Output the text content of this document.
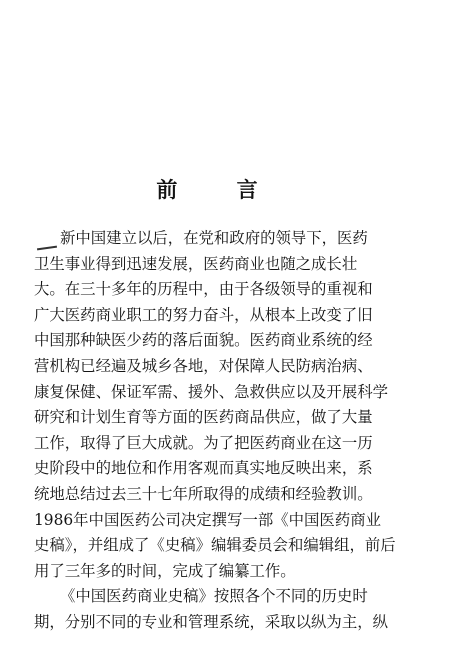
前 言
新中国建立以后，在党和政府的领导下，医药
卫生事业得到迅速发展，医药商业也随之成长壮
大。在三十多年的历程中，由于各级领导的重视和
广大医药商业职工的努力奋斗，从根本上改变了旧
中国那种缺医少药的落后面貌。医药商业系统的经
营机构已经遍及城乡各地，对保障人民防病治病、
康复保健、保证军需、援外、急救供应以及开展科学
研究和计划生育等方面的医药商品供应，做了大量
工作，取得了巨大成就。为了把医药商业在这一历
史阶段中的地位和作用客观而真实地反映出来，系
统地总结过去三十七年所取得的成绩和经验教训。
1986年中国医药公司决定撰写一部《中国医药商业
史稿》，并组成了《史稿》编辑委员会和编辑组，前后
用了三年多的时间，完成了编纂工作。
《中国医药商业史稿》按照各个不同的历史时
期，分别不同的专业和管理系统，采取以纵为主，纵
